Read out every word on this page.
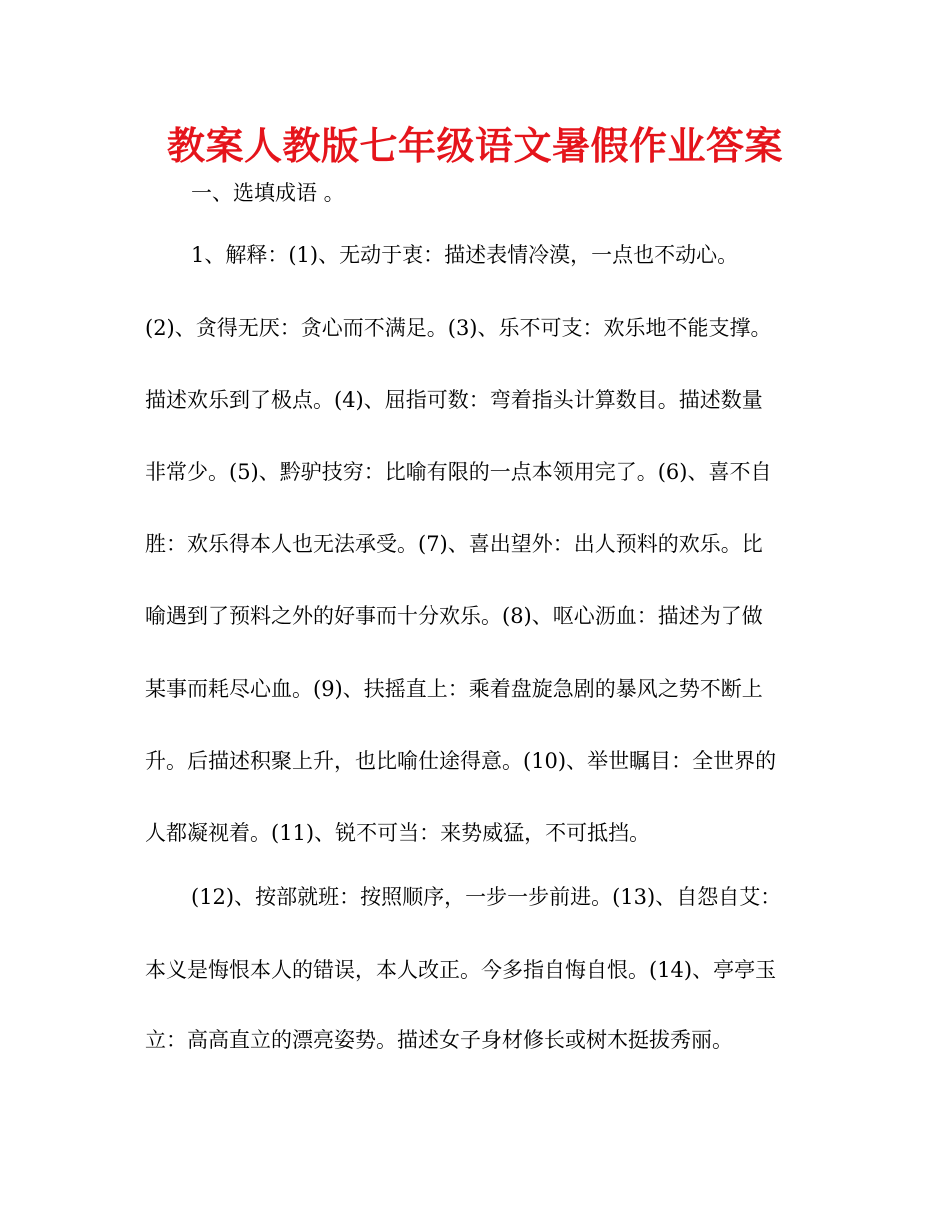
教案人教版七年级语文暑假作业答案
一、选填成语 。
1、解释：(1)、无动于衷：描述表情冷漠，一点也不动心。
(2)、贪得无厌：贪心而不满足。(3)、乐不可支：欢乐地不能支撑。
描述欢乐到了极点。(4)、屈指可数：弯着指头计算数目。描述数量
非常少。(5)、黔驴技穷：比喻有限的一点本领用完了。(6)、喜不自
胜：欢乐得本人也无法承受。(7)、喜出望外：出人预料的欢乐。比
喻遇到了预料之外的好事而十分欢乐。(8)、呕心沥血：描述为了做
某事而耗尽心血。(9)、扶摇直上：乘着盘旋急剧的暴风之势不断上
升。后描述积聚上升，也比喻仕途得意。(10)、举世瞩目：全世界的
人都凝视着。(11)、锐不可当：来势威猛，不可抵挡。
(12)、按部就班：按照顺序，一步一步前进。(13)、自怨自艾：
本义是悔恨本人的错误，本人改正。今多指自悔自恨。(14)、亭亭玉
立：高高直立的漂亮姿势。描述女子身材修长或树木挺拔秀丽。
